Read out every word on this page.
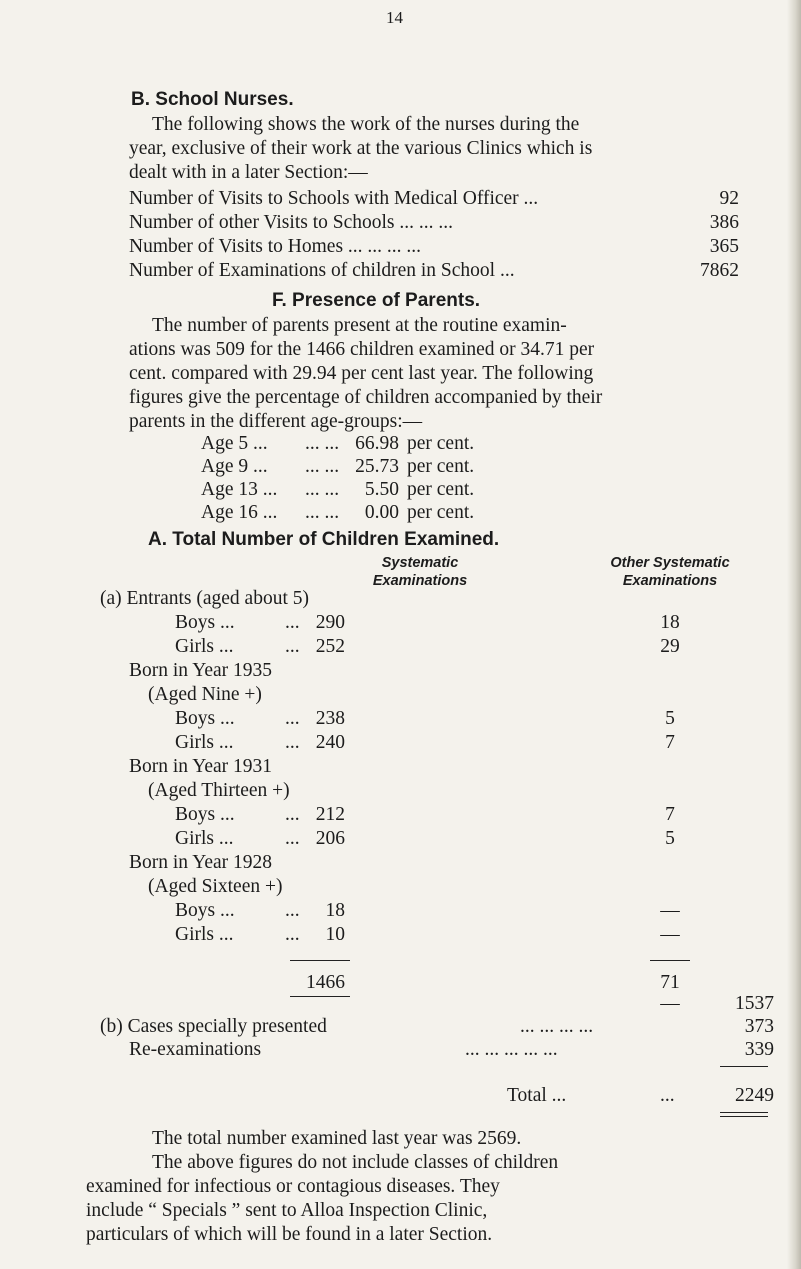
14
B. School Nurses.
The following shows the work of the nurses during the
year, exclusive of their work at the various Clinics which is
dealt with in a later Section:—
Number of Visits to Schools with Medical Officer ...	92
Number of other Visits to Schools ... ... ...	386
Number of Visits to Homes ... ... ... ...	365
Number of Examinations of children in School ...	7862
F. Presence of Parents.
The number of parents present at the routine examin-
ations was 509 for the 1466 children examined or 34.71 per
cent. compared with 29.94 per cent last year. The following
figures give the percentage of children accompanied by their
parents in the different age-groups:—
Age 5 ... ... ... 66.98 per cent.
Age 9 ... ... ... 25.73 per cent.
Age 13 ... ... ... 5.50 per cent.
Age 16 ... ... ... 0.00 per cent.
A. Total Number of Children Examined.
Systematic
Examinations
Other Systematic
Examinations
(a) Entrants (aged about 5)
Boys ...	... 290	18
Girls ...	... 252	29
Born in Year 1935
(Aged Nine +)
Boys ...	... 238	5
Girls ...	... 240	7
Born in Year 1931
(Aged Thirteen +)
Boys ...	... 212	7
Girls ...	... 206	5
Born in Year 1928
(Aged Sixteen +)
Boys ...	... 18	—
Girls ...	... 10	—
1466	71
—	1537
(b) Cases specially presented	... ... ... ...	373
Re-examinations	... ... ... ... ...	339
Total ...	...	2249
The total number examined last year was 2569.
The above figures do not include classes of children
examined for infectious or contagious diseases. They
include “ Specials ” sent to Alloa Inspection Clinic,
particulars of which will be found in a later Section.
